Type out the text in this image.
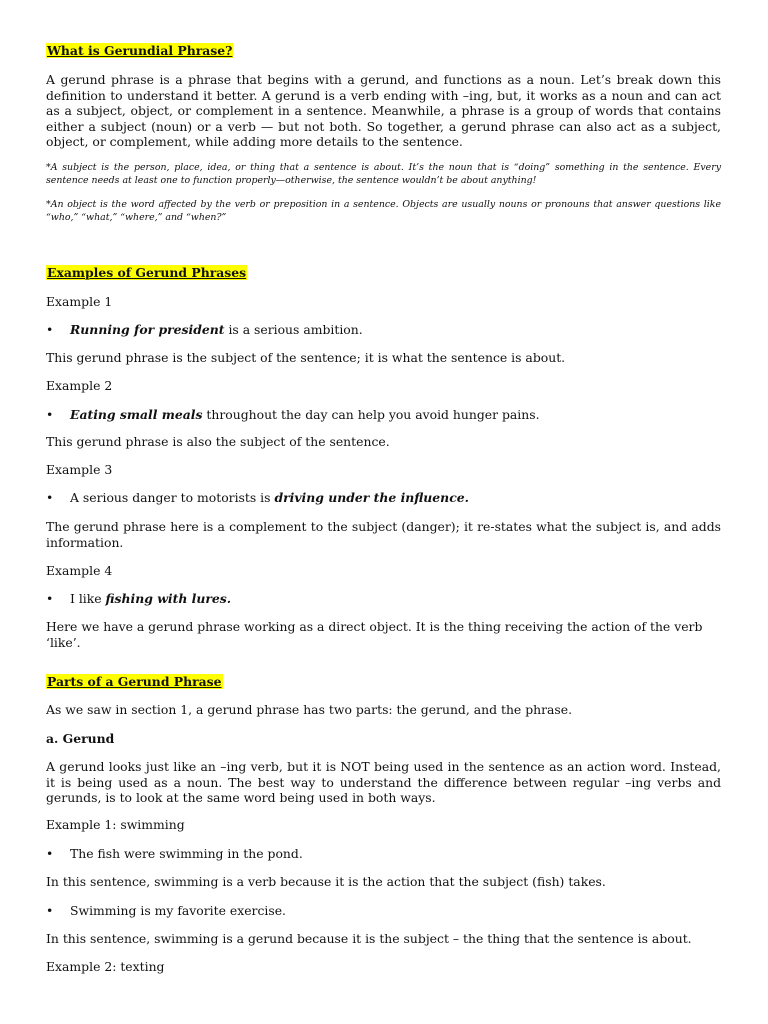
What is Gerundial Phrase?

A gerund phrase is a phrase that begins with a gerund, and functions as a noun. Let’s break down this definition to understand it better. A gerund is a verb ending with –ing, but, it works as a noun and can act as a subject, object, or complement in a sentence. Meanwhile, a phrase is a group of words that contains either a subject (noun) or a verb — but not both. So together, a gerund phrase can also act as a subject, object, or complement, while adding more details to the sentence.

*A subject is the person, place, idea, or thing that a sentence is about. It’s the noun that is “doing” something in the sentence. Every sentence needs at least one to function properly—otherwise, the sentence wouldn’t be about anything!

*An object is the word affected by the verb or preposition in a sentence. Objects are usually nouns or pronouns that answer questions like “who,” “what,” “where,” and “when?”

Examples of Gerund Phrases

Example 1

•	Running for president is a serious ambition.

This gerund phrase is the subject of the sentence; it is what the sentence is about.

Example 2

•	Eating small meals throughout the day can help you avoid hunger pains.

This gerund phrase is also the subject of the sentence.

Example 3

•	A serious danger to motorists is driving under the influence.

The gerund phrase here is a complement to the subject (danger); it re-states what the subject is, and adds information.

Example 4

•	I like fishing with lures.

Here we have a gerund phrase working as a direct object. It is the thing receiving the action of the verb ‘like’.

Parts of a Gerund Phrase

As we saw in section 1, a gerund phrase has two parts: the gerund, and the phrase.

a. Gerund

A gerund looks just like an –ing verb, but it is NOT being used in the sentence as an action word. Instead, it is being used as a noun. The best way to understand the difference between regular –ing verbs and gerunds, is to look at the same word being used in both ways.

Example 1: swimming

•	The fish were swimming in the pond.

In this sentence, swimming is a verb because it is the action that the subject (fish) takes.

•	Swimming is my favorite exercise.

In this sentence, swimming is a gerund because it is the subject – the thing that the sentence is about.

Example 2: texting
